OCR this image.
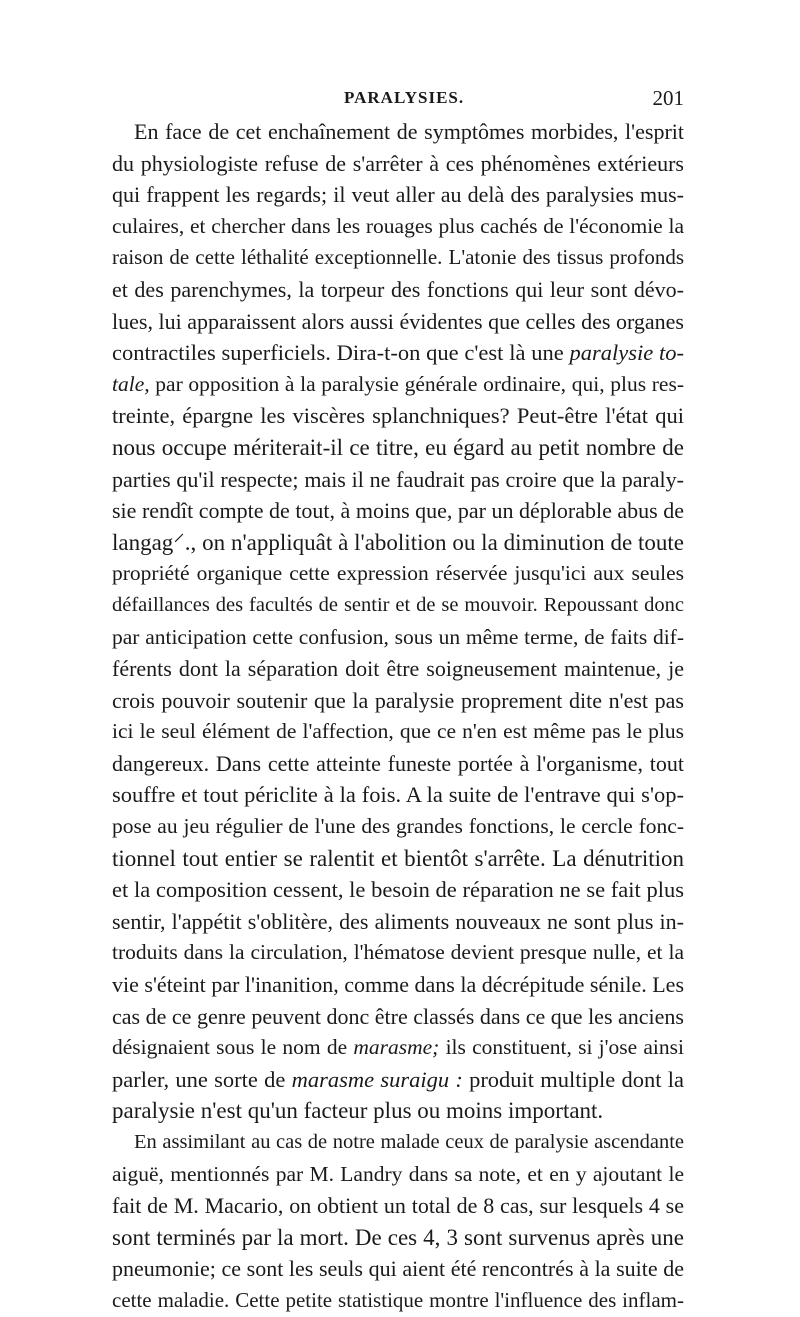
PARALYSIES.	201
En face de cet enchaînement de symptômes morbides, l'esprit
du physiologiste refuse de s'arrêter à ces phénomènes extérieurs
qui frappent les regards; il veut aller au delà des paralysies mus-
culaires, et chercher dans les rouages plus cachés de l'économie la
raison de cette léthalité exceptionnelle. L'atonie des tissus profonds
et des parenchymes, la torpeur des fonctions qui leur sont dévo-
lues, lui apparaissent alors aussi évidentes que celles des organes
contractiles superficiels. Dira-t-on que c'est là une paralysie to-
tale, par opposition à la paralysie générale ordinaire, qui, plus res-
treinte, épargne les viscères splanchniques? Peut-être l'état qui
nous occupe mériterait-il ce titre, eu égard au petit nombre de
parties qu'il respecte; mais il ne faudrait pas croire que la paraly-
sie rendît compte de tout, à moins que, par un déplorable abus de
langag⸍., on n'appliquât à l'abolition ou la diminution de toute
propriété organique cette expression réservée jusqu'ici aux seules
défaillances des facultés de sentir et de se mouvoir. Repoussant donc
par anticipation cette confusion, sous un même terme, de faits dif-
férents dont la séparation doit être soigneusement maintenue, je
crois pouvoir soutenir que la paralysie proprement dite n'est pas
ici le seul élément de l'affection, que ce n'en est même pas le plus
dangereux. Dans cette atteinte funeste portée à l'organisme, tout
souffre et tout périclite à la fois. A la suite de l'entrave qui s'op-
pose au jeu régulier de l'une des grandes fonctions, le cercle fonc-
tionnel tout entier se ralentit et bientôt s'arrête. La dénutrition
et la composition cessent, le besoin de réparation ne se fait plus
sentir, l'appétit s'oblitère, des aliments nouveaux ne sont plus in-
troduits dans la circulation, l'hématose devient presque nulle, et la
vie s'éteint par l'inanition, comme dans la décrépitude sénile. Les
cas de ce genre peuvent donc être classés dans ce que les anciens
désignaient sous le nom de marasme; ils constituent, si j'ose ainsi
parler, une sorte de marasme suraigu : produit multiple dont la
paralysie n'est qu'un facteur plus ou moins important.
En assimilant au cas de notre malade ceux de paralysie ascendante
aiguë, mentionnés par M. Landry dans sa note, et en y ajoutant le
fait de M. Macario, on obtient un total de 8 cas, sur lesquels 4 se
sont terminés par la mort. De ces 4, 3 sont survenus après une
pneumonie; ce sont les seuls qui aient été rencontrés à la suite de
cette maladie. Cette petite statistique montre l'influence des inflam-
